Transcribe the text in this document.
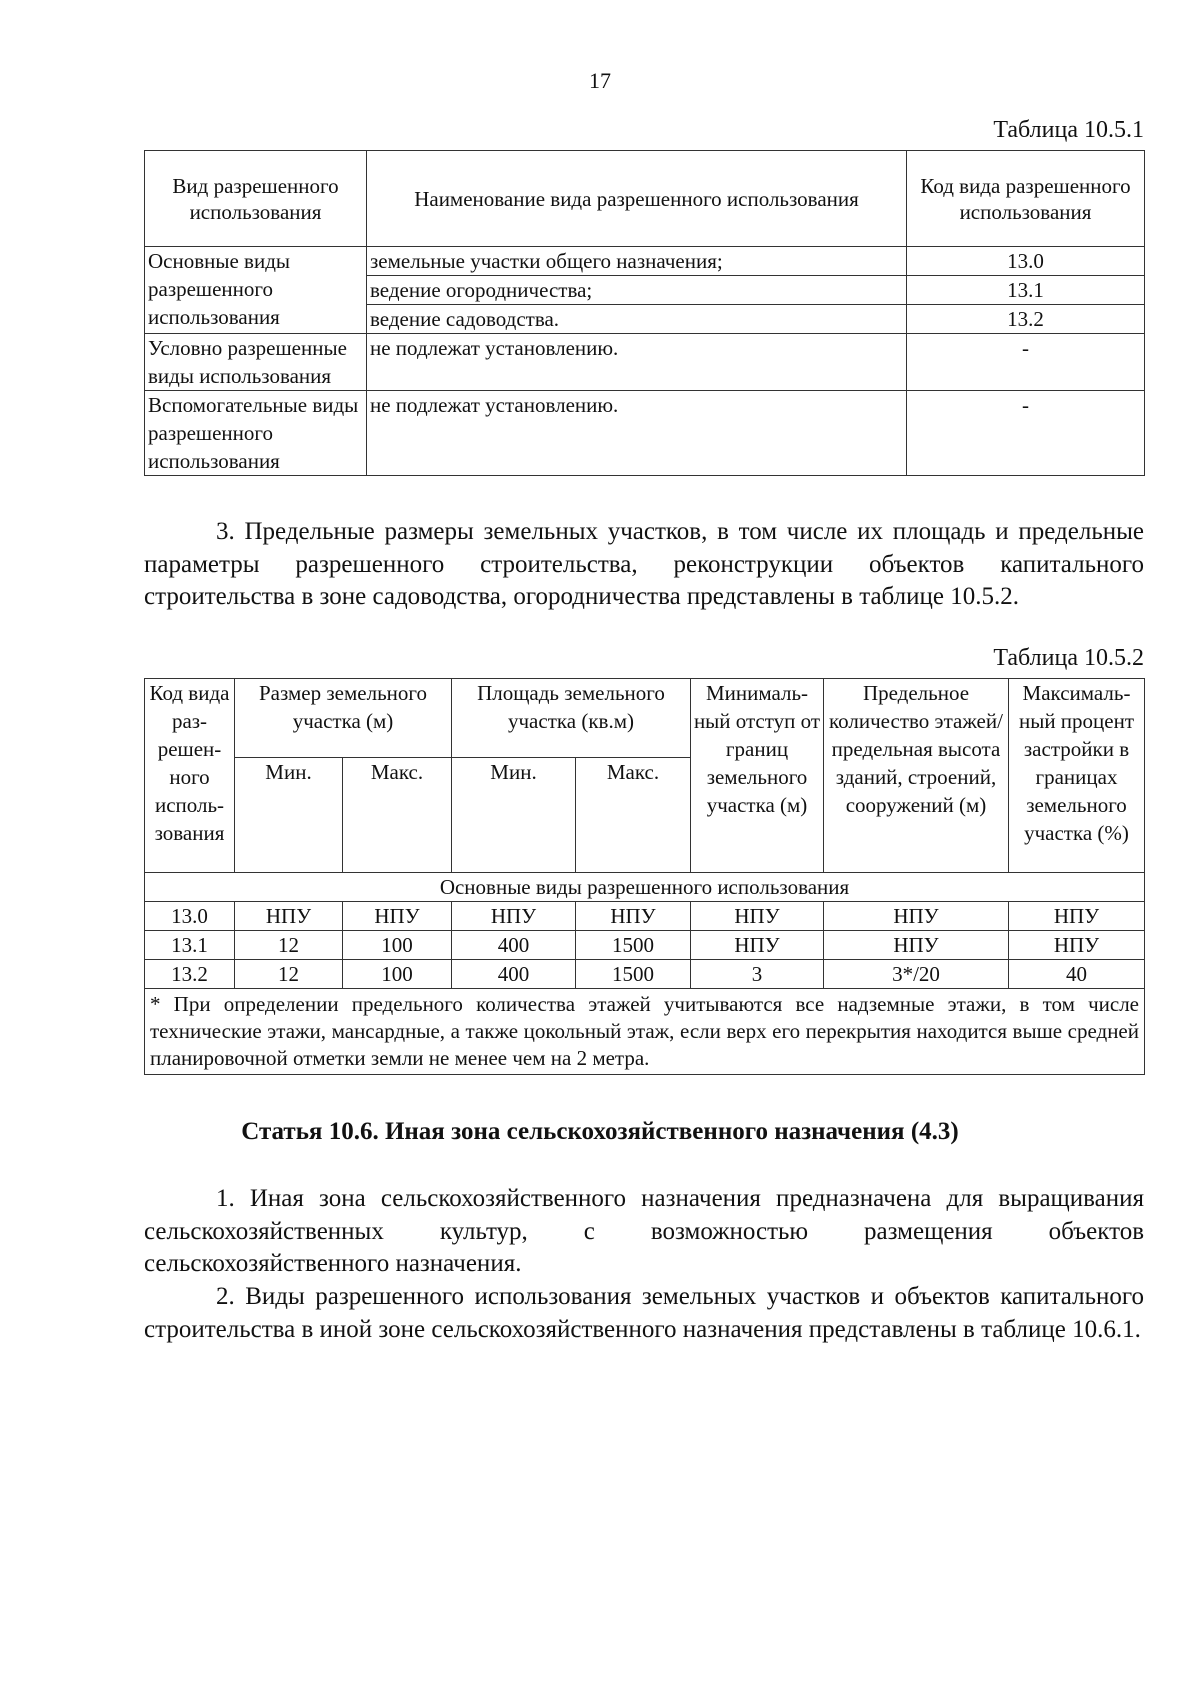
17
Таблица 10.5.1
Вид разрешенного использования	Наименование вида разрешенного использования	Код вида разрешенного использования
Основные виды разрешенного использования	земельные участки общего назначения;	13.0
	ведение огородничества;	13.1
	ведение садоводства.	13.2
Условно разрешенные виды использования	не подлежат установлению.	-
Вспомогательные виды разрешенного использования	не подлежат установлению.	-

3. Предельные размеры земельных участков, в том числе их площадь и предельные параметры разрешенного строительства, реконструкции объектов капитального строительства в зоне садоводства, огородничества представлены в таблице 10.5.2.

Таблица 10.5.2
Код вида раз-решен-ного исполь-зования	Размер земельного участка (м)		Площадь земельного участка (кв.м)		Минималь-ный отступ от границ земельного участка (м)	Предельное количество этажей/ предельная высота зданий, строений, сооружений (м)	Максималь-ный процент застройки в границах земельного участка (%)
	Мин.	Макс.	Мин.	Макс.			
Основные виды разрешенного использования							
13.0	НПУ	НПУ	НПУ	НПУ	НПУ	НПУ	НПУ
13.1	12	100	400	1500	НПУ	НПУ	НПУ
13.2	12	100	400	1500	3	3*/20	40
* При определении предельного количества этажей учитываются все надземные этажи, в том числе технические этажи, мансардные, а также цокольный этаж, если верх его перекрытия находится выше средней планировочной отметки земли не менее чем на 2 метра.							
Статья 10.6. Иная зона сельскохозяйственного назначения (4.3)

1. Иная зона сельскохозяйственного назначения предназначена для выращивания сельскохозяйственных культур, с возможностью размещения объектов сельскохозяйственного назначения.

2. Виды разрешенного использования земельных участков и объектов капитального строительства в иной зоне сельскохозяйственного назначения представлены в таблице 10.6.1.
